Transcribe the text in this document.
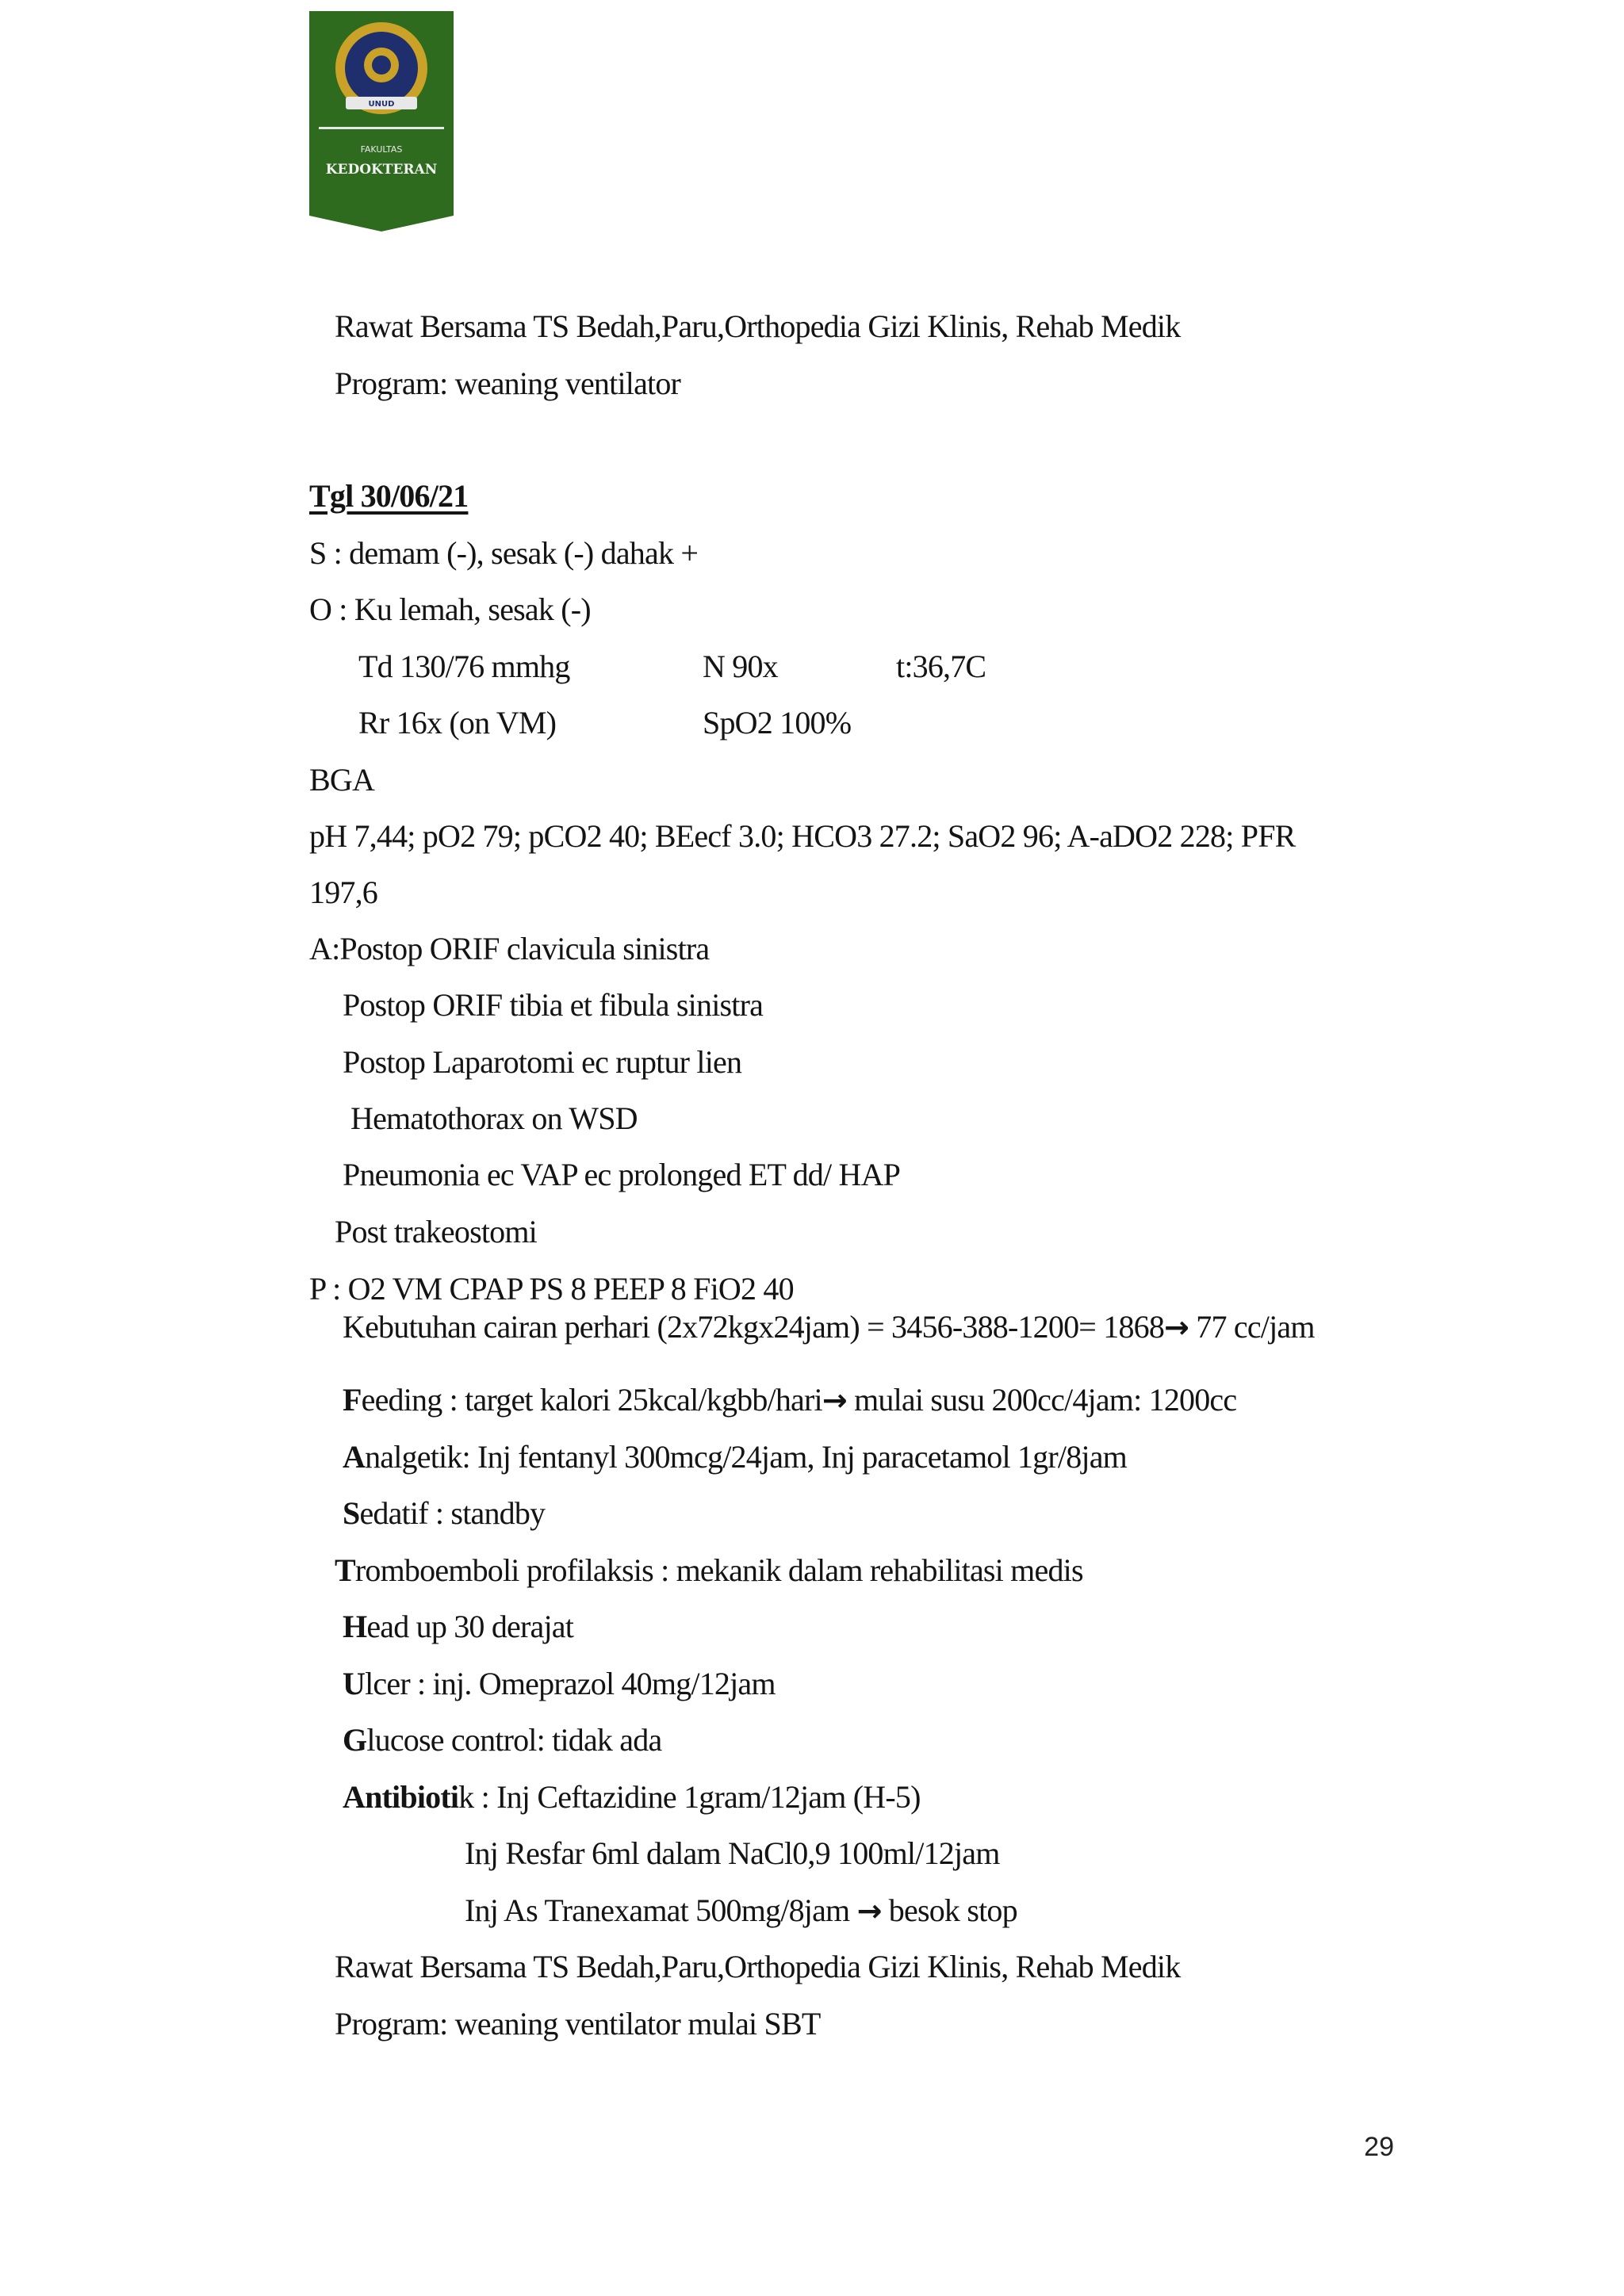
UNUD
FAKULTAS
KEDOKTERAN
Rawat Bersama TS Bedah,Paru,Orthopedia Gizi Klinis, Rehab Medik
Program: weaning ventilator
Tgl 30/06/21
S : demam (-), sesak (-) dahak +
O : Ku lemah, sesak (-)
Td 130/76 mmhg	N 90x	t:36,7C
Rr 16x (on VM)	SpO2 100%
BGA
pH 7,44; pO2 79; pCO2 40; BEecf 3.0; HCO3 27.2; SaO2 96; A-aDO2 228; PFR
197,6
A:Postop ORIF clavicula sinistra
Postop ORIF tibia et fibula sinistra
Postop Laparotomi ec ruptur lien
Hematothorax on WSD
Pneumonia ec VAP ec prolonged ET dd/ HAP
Post trakeostomi
P : O2 VM CPAP PS 8 PEEP 8 FiO2 40
Kebutuhan cairan perhari (2x72kgx24jam) = 3456-388-1200= 1868→ 77 cc/jam
Feeding : target kalori 25kcal/kgbb/hari→ mulai susu 200cc/4jam: 1200cc
Analgetik: Inj fentanyl 300mcg/24jam, Inj paracetamol 1gr/8jam
Sedatif : standby
Tromboemboli profilaksis : mekanik dalam rehabilitasi medis
Head up 30 derajat
Ulcer : inj. Omeprazol 40mg/12jam
Glucose control: tidak ada
Antibiotik : Inj Ceftazidine 1gram/12jam (H-5)
Inj Resfar 6ml dalam NaCl0,9 100ml/12jam
Inj As Tranexamat 500mg/8jam → besok stop
Rawat Bersama TS Bedah,Paru,Orthopedia Gizi Klinis, Rehab Medik
Program: weaning ventilator mulai SBT
29
